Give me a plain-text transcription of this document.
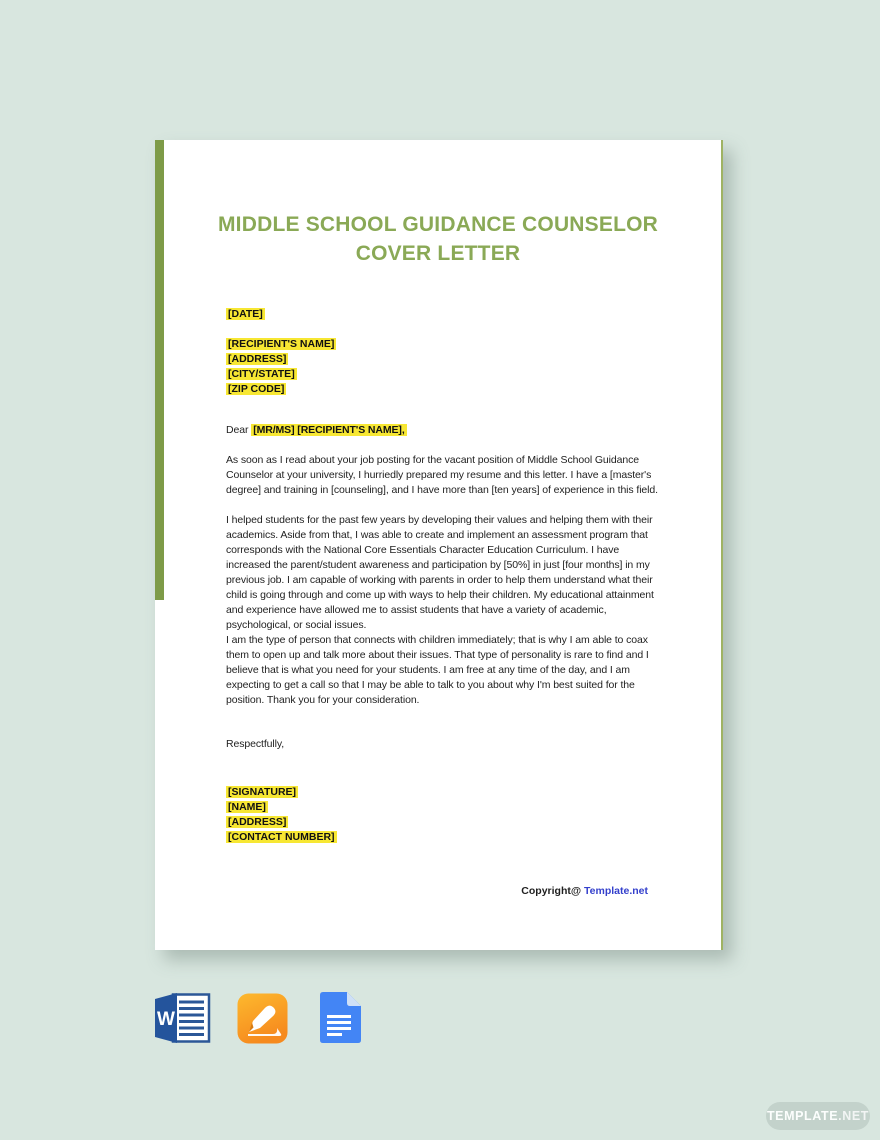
MIDDLE SCHOOL GUIDANCE COUNSELOR
COVER LETTER
[DATE]
[RECIPIENT'S NAME]
[ADDRESS]
[CITY/STATE]
[ZIP CODE]
Dear [MR/MS] [RECIPIENT'S NAME],
As soon as I read about your job posting for the vacant position of Middle School Guidance Counselor at your university, I hurriedly prepared my resume and this letter. I have a [master's degree] and training in [counseling], and I have more than [ten years] of experience in this field.
I helped students for the past few years by developing their values and helping them with their academics. Aside from that, I was able to create and implement an assessment program that corresponds with the National Core Essentials Character Education Curriculum. I have increased the parent/student awareness and participation by [50%] in just [four months] in my previous job. I am capable of working with parents in order to help them understand what their child is going through and come up with ways to help their children. My educational attainment and experience have allowed me to assist students that have a variety of academic, psychological, or social issues.
I am the type of person that connects with children immediately; that is why I am able to coax them to open up and talk more about their issues. That type of personality is rare to find and I believe that is what you need for your students. I am free at any time of the day, and I am expecting to get a call so that I may be able to talk to you about why I'm best suited for the position. Thank you for your consideration.
Respectfully,
[SIGNATURE]
[NAME]
[ADDRESS]
[CONTACT NUMBER]
Copyright@ Template.net
W
TEMPLATE .NET
